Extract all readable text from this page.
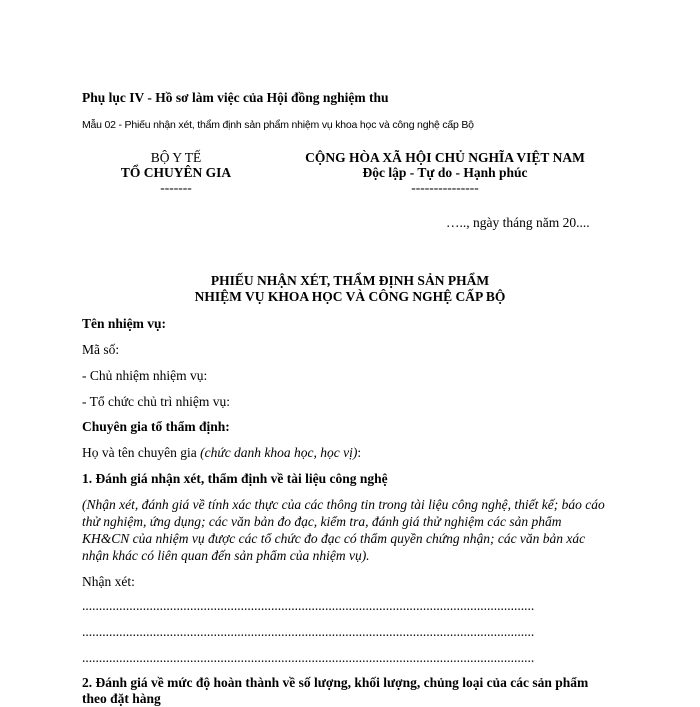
Phụ lục IV - Hồ sơ làm việc của Hội đồng nghiệm thu
Mẫu 02 - Phiếu nhận xét, thẩm định sản phẩm nhiệm vụ khoa học và công nghệ cấp Bộ
BỘ Y TẾ
TỔ CHUYÊN GIA
-------
CỘNG HÒA XÃ HỘI CHỦ NGHĨA VIỆT NAM
Độc lập - Tự do - Hạnh phúc
---------------
….., ngày tháng năm 20....
PHIẾU NHẬN XÉT, THẨM ĐỊNH SẢN PHẨM
NHIỆM VỤ KHOA HỌC VÀ CÔNG NGHỆ CẤP BỘ
Tên nhiệm vụ:
Mã số:
- Chủ nhiệm nhiệm vụ:
- Tổ chức chủ trì nhiệm vụ:
Chuyên gia tổ thẩm định:
Họ và tên chuyên gia (chức danh khoa học, học vị):
1. Đánh giá nhận xét, thẩm định về tài liệu công nghệ
(Nhận xét, đánh giá về tính xác thực của các thông tin trong tài liệu công nghệ, thiết kế; báo cáo
thử nghiệm, ứng dụng; các văn bản đo đạc, kiểm tra, đánh giá thử nghiệm các sản phẩm
KH&CN của nhiệm vụ được các tổ chức đo đạc có thẩm quyền chứng nhận; các văn bản xác
nhận khác có liên quan đến sản phẩm của nhiệm vụ).
Nhận xét:
......................................................................................................................................
......................................................................................................................................
......................................................................................................................................
2. Đánh giá về mức độ hoàn thành về số lượng, khối lượng, chủng loại của các sản phẩm
theo đặt hàng
